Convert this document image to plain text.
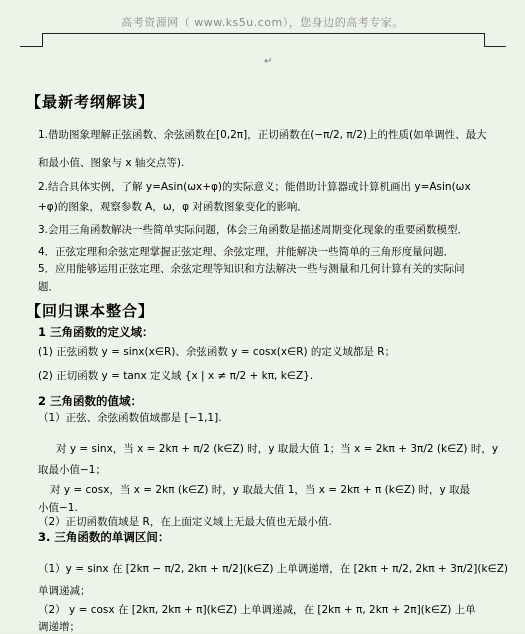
高考资源网（ www.ks5u.com），您身边的高考专家。
↵
【最新考纲解读】
1.借助图象理解正弦函数、余弦函数在[0,2π]，正切函数在(−π/2, π/2)上的性质(如单调性、最大
和最小值、图象与 x 轴交点等).
2.结合具体实例，了解 y=Asin(ωx+φ)的实际意义；能借助计算器或计算机画出 y=Asin(ωx
+φ)的图象，观察参数 A，ω，φ 对函数图象变化的影响．
3.会用三角函数解决一些简单实际问题，体会三角函数是描述周期变化现象的重要函数模型．
4．正弦定理和余弦定理掌握正弦定理、余弦定理，并能解决一些简单的三角形度量问题．
5．应用能够运用正弦定理、余弦定理等知识和方法解决一些与测量和几何计算有关的实际问
题．
【回归课本整合】
1 三角函数的定义域：
(1) 正弦函数 y = sinx(x∈R)、余弦函数 y = cosx(x∈R) 的定义域都是 R；
(2) 正切函数 y = tanx 定义域 {x | x ≠ π/2 + kπ, k∈Z}.
2 三角函数的值域：
（1）正弦、余弦函数值域都是 [−1,1].
对 y = sinx，当 x = 2kπ + π/2 (k∈Z) 时，y 取最大值 1；当 x = 2kπ + 3π/2 (k∈Z) 时，y
取最小值−1；
对 y = cosx，当 x = 2kπ (k∈Z) 时，y 取最大值 1，当 x = 2kπ + π (k∈Z) 时，y 取最
小值−1.
（2）正切函数值域是 R，在上面定义域上无最大值也无最小值.
3. 三角函数的单调区间：
（1）y = sinx 在 [2kπ − π/2, 2kπ + π/2](k∈Z) 上单调递增，在 [2kπ + π/2, 2kπ + 3π/2](k∈Z)
单调递减；
（2） y = cosx 在 [2kπ, 2kπ + π](k∈Z) 上单调递减，在 [2kπ + π, 2kπ + 2π](k∈Z) 上单
调递增；
